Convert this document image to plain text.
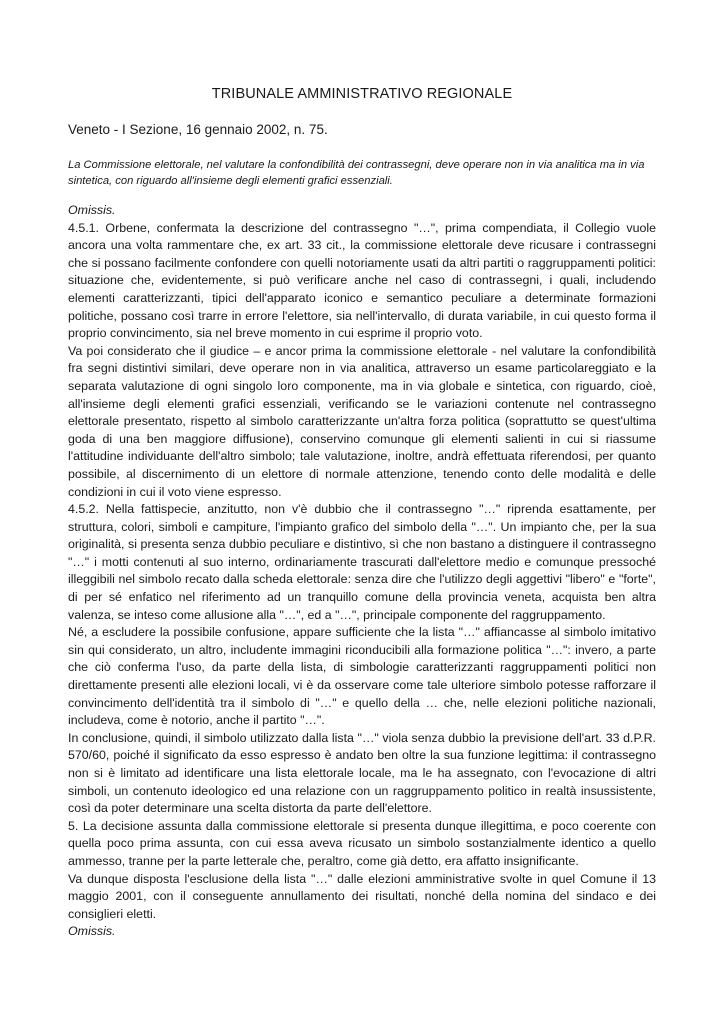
TRIBUNALE AMMINISTRATIVO REGIONALE
Veneto - I Sezione, 16 gennaio 2002, n. 75.
La Commissione elettorale, nel valutare la confondibilità dei contrassegni, deve operare non in via analitica ma in via sintetica, con riguardo all'insieme degli elementi grafici essenziali.

Omissis.

4.5.1. Orbene, confermata la descrizione del contrassegno "…", prima compendiata, il Collegio vuole ancora una volta rammentare che, ex art. 33 cit., la commissione elettorale deve ricusare i contrassegni che si possano facilmente confondere con quelli notoriamente usati da altri partiti o raggruppamenti politici: situazione che, evidentemente, si può verificare anche nel caso di contrassegni, i quali, includendo elementi caratterizzanti, tipici dell'apparato iconico e semantico peculiare a determinate formazioni politiche, possano così trarre in errore l'elettore, sia nell'intervallo, di durata variabile, in cui questo forma il proprio convincimento, sia nel breve momento in cui esprime il proprio voto.

Va poi considerato che il giudice – e ancor prima la commissione elettorale - nel valutare la confondibilità fra segni distintivi similari, deve operare non in via analitica, attraverso un esame particolareggiato e la separata valutazione di ogni singolo loro componente, ma in via globale e sintetica, con riguardo, cioè, all'insieme degli elementi grafici essenziali, verificando se le variazioni contenute nel contrassegno elettorale presentato, rispetto al simbolo caratterizzante un'altra forza politica (soprattutto se quest'ultima goda di una ben maggiore diffusione), conservino comunque gli elementi salienti in cui si riassume l'attitudine individuante dell'altro simbolo; tale valutazione, inoltre, andrà effettuata riferendosi, per quanto possibile, al discernimento di un elettore di normale attenzione, tenendo conto delle modalità e delle condizioni in cui il voto viene espresso.

4.5.2. Nella fattispecie, anzitutto, non v'è dubbio che il contrassegno "…" riprenda esattamente, per struttura, colori, simboli e campiture, l'impianto grafico del simbolo della "…". Un impianto che, per la sua originalità, si presenta senza dubbio peculiare e distintivo, sì che non bastano a distinguere il contrassegno "…" i motti contenuti al suo interno, ordinariamente trascurati dall'elettore medio e comunque pressoché illeggibili nel simbolo recato dalla scheda elettorale: senza dire che l'utilizzo degli aggettivi "libero" e "forte", di per sé enfatico nel riferimento ad un tranquillo comune della provincia veneta, acquista ben altra valenza, se inteso come allusione alla "…", ed a "…", principale componente del raggruppamento.

Né, a escludere la possibile confusione, appare sufficiente che la lista "…" affiancasse al simbolo imitativo sin qui considerato, un altro, includente immagini riconducibili alla formazione politica "…": invero, a parte che ciò conferma l'uso, da parte della lista, di simbologie caratterizzanti raggruppamenti politici non direttamente presenti alle elezioni locali, vi è da osservare come tale ulteriore simbolo potesse rafforzare il convincimento dell'identità tra il simbolo di "…" e quello della … che, nelle elezioni politiche nazionali, includeva, come è notorio, anche il partito "…".

In conclusione, quindi, il simbolo utilizzato dalla lista "…" viola senza dubbio la previsione dell'art. 33 d.P.R. 570/60, poiché il significato da esso espresso è andato ben oltre la sua funzione legittima: il contrassegno non si è limitato ad identificare una lista elettorale locale, ma le ha assegnato, con l'evocazione di altri simboli, un contenuto ideologico ed una relazione con un raggruppamento politico in realtà insussistente, così da poter determinare una scelta distorta da parte dell'elettore.

5. La decisione assunta dalla commissione elettorale si presenta dunque illegittima, e poco coerente con quella poco prima assunta, con cui essa aveva ricusato un simbolo sostanzialmente identico a quello ammesso, tranne per la parte letterale che, peraltro, come già detto, era affatto insignificante.

Va dunque disposta l'esclusione della lista "…" dalle elezioni amministrative svolte in quel Comune il 13 maggio 2001, con il conseguente annullamento dei risultati, nonché della nomina del sindaco e dei consiglieri eletti.

Omissis.
